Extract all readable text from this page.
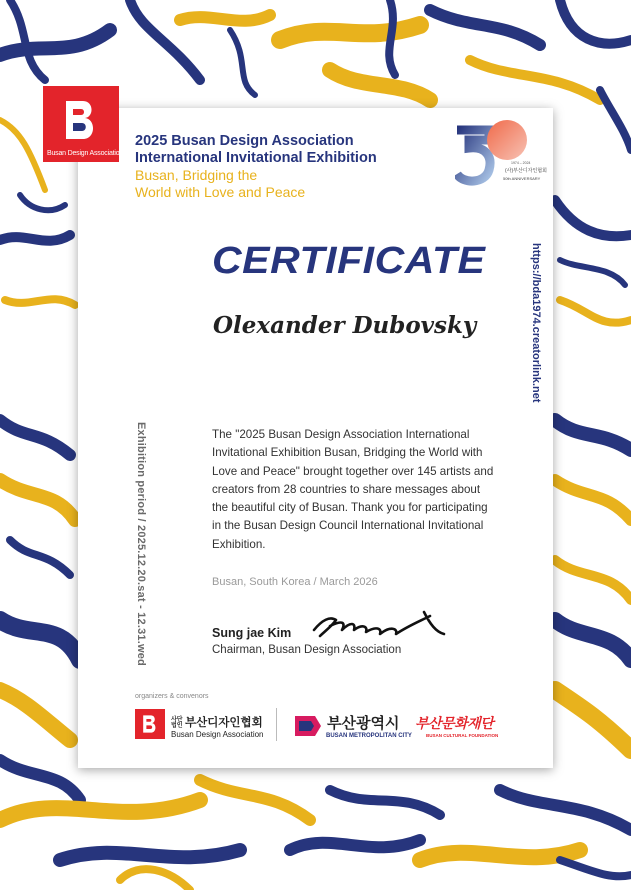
Busan Design Association
2025 Busan Design Association
International Invitational Exhibition
Busan, Bridging the
World with Love and Peace
1974 – 2024
(사)부산디자인협회
50th ANNIVERSARY
CERTIFICATE
Olexander Dubovsky
The "2025 Busan Design Association International Invitational Exhibition Busan, Bridging the World with Love and Peace" brought together over 145 artists and creators from 28 countries to share messages about the beautiful city of Busan. Thank you for participating in the Busan Design Council International Invitational Exhibition.
Busan, South Korea / March 2026
Sung jae Kim
Chairman, Busan Design Association
Exhibition period / 2025.12.20.sat - 12.31.wed
https://bda1974.creatorlink.net
organizers & convenors
사단
법인 부산디자인협회
Busan Design Association
부산광역시
BUSAN METROPOLITAN CITY
부산문화재단
BUSAN CULTURAL FOUNDATION
